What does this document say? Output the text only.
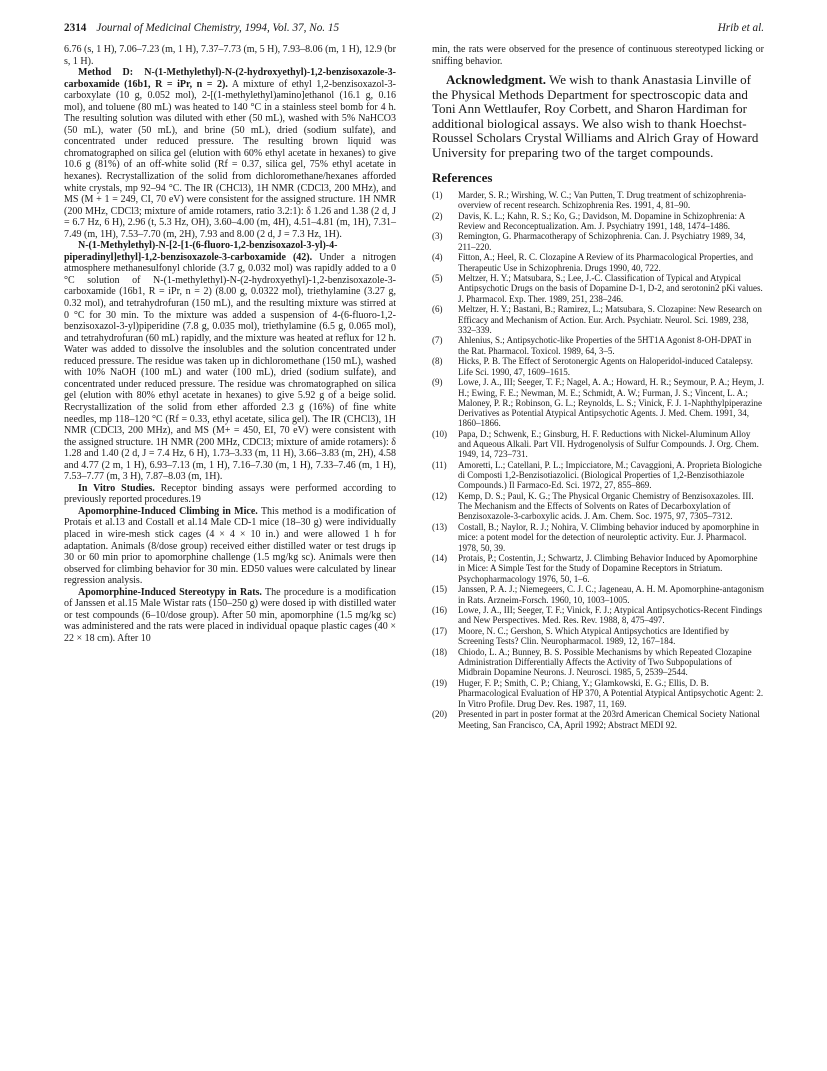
2314 Journal of Medicinal Chemistry, 1994, Vol. 37, No. 15	Hrib et al.

6.76 (s, 1 H), 7.06–7.23 (m, 1 H), 7.37–7.73 (m, 5 H), 7.93–8.06 (m, 1 H), 12.9 (br s, 1 H).

Method D: N-(1-Methylethyl)-N-(2-hydroxyethyl)-1,2-benzisoxazole-3-carboxamide (16b1, R = iPr, n = 2). A mixture of ethyl 1,2-benzisoxazol-3-carboxylate (10 g, 0.052 mol), 2-[(1-methylethyl)amino]ethanol (16.1 g, 0.16 mol), and toluene (80 mL) was heated to 140 °C in a stainless steel bomb for 4 h. The resulting solution was diluted with ether (50 mL), washed with 5% NaHCO3 (50 mL), water (50 mL), and brine (50 mL), dried (sodium sulfate), and concentrated under reduced pressure. The resulting brown liquid was chromatographed on silica gel (elution with 60% ethyl acetate in hexanes) to give 10.6 g (81%) of an off-white solid (Rf = 0.37, silica gel, 75% ethyl acetate in hexanes). Recrystallization of the solid from dichloromethane/hexanes afforded white crystals, mp 92–94 °C. The IR (CHCl3), 1H NMR (CDCl3, 200 MHz), and MS (M + 1 = 249, CI, 70 eV) were consistent for the assigned structure. 1H NMR (200 MHz, CDCl3; mixture of amide rotamers, ratio 3.2:1): δ 1.26 and 1.38 (2 d, J = 6.7 Hz, 6 H), 2.96 (t, 5.3 Hz, OH), 3.60–4.00 (m, 4H), 4.51–4.81 (m, 1H), 7.31–7.49 (m, 1H), 7.53–7.70 (m, 2H), 7.93 and 8.00 (2 d, J = 7.3 Hz, 1H).

N-(1-Methylethyl)-N-[2-[1-(6-fluoro-1,2-benzisoxazol-3-yl)-4-piperadinyl]ethyl]-1,2-benzisoxazole-3-carboxamide (42). Under a nitrogen atmosphere methanesulfonyl chloride (3.7 g, 0.032 mol) was rapidly added to a 0 °C solution of N-(1-methylethyl)-N-(2-hydroxyethyl)-1,2-benzisoxazole-3-carboxamide (16b1, R = iPr, n = 2) (8.00 g, 0.0322 mol), triethylamine (3.27 g, 0.32 mol), and tetrahydrofuran (150 mL), and the resulting mixture was stirred at 0 °C for 30 min. To the mixture was added a suspension of 4-(6-fluoro-1,2-benzisoxazol-3-yl)piperidine (7.8 g, 0.035 mol), triethylamine (6.5 g, 0.065 mol), and tetrahydrofuran (60 mL) rapidly, and the mixture was heated at reflux for 12 h. Water was added to dissolve the insolubles and the solution concentrated under reduced pressure. The residue was taken up in dichloromethane (150 mL), washed with 10% NaOH (100 mL) and water (100 mL), dried (sodium sulfate), and concentrated under reduced pressure. The residue was chromatographed on silica gel (elution with 80% ethyl acetate in hexanes) to give 5.92 g of a beige solid. Recrystallization of the solid from ether afforded 2.3 g (16%) of fine white needles, mp 118–120 °C (Rf = 0.33, ethyl acetate, silica gel). The IR (CHCl3), 1H NMR (CDCl3, 200 MHz), and MS (M+ = 450, EI, 70 eV) were consistent with the assigned structure. 1H NMR (200 MHz, CDCl3; mixture of amide rotamers): δ 1.28 and 1.40 (2 d, J = 7.4 Hz, 6 H), 1.73–3.33 (m, 11 H), 3.66–3.83 (m, 2H), 4.58 and 4.77 (2 m, 1 H), 6.93–7.13 (m, 1 H), 7.16–7.30 (m, 1 H), 7.33–7.46 (m, 1 H), 7.53–7.77 (m, 3 H), 7.87–8.03 (m, 1H).

In Vitro Studies. Receptor binding assays were performed according to previously reported procedures.19

Apomorphine-Induced Climbing in Mice. This method is a modification of Protais et al.13 and Costall et al.14 Male CD-1 mice (18–30 g) were individually placed in wire-mesh stick cages (4 × 4 × 10 in.) and were allowed 1 h for adaptation. Animals (8/dose group) received either distilled water or test drugs ip 30 or 60 min prior to apomorphine challenge (1.5 mg/kg sc). Animals were then observed for climbing behavior for 30 min. ED50 values were calculated by linear regression analysis.

Apomorphine-Induced Stereotypy in Rats. The procedure is a modification of Janssen et al.15 Male Wistar rats (150–250 g) were dosed ip with distilled water or test compounds (6–10/dose group). After 50 min, apomorphine (1.5 mg/kg sc) was administered and the rats were placed in individual opaque plastic cages (40 × 22 × 18 cm). After 10

min, the rats were observed for the presence of continuous stereotyped licking or sniffing behavior.

Acknowledgment. We wish to thank Anastasia Linville of the Physical Methods Department for spectroscopic data and Toni Ann Wettlaufer, Roy Corbett, and Sharon Hardiman for additional biological assays. We also wish to thank Hoechst-Roussel Scholars Crystal Williams and Alrich Gray of Howard University for preparing two of the target compounds.

References
(1) Marder, S. R.; Wirshing, W. C.; Van Putten, T. Drug treatment of schizophrenia-overview of recent research. Schizophrenia Res. 1991, 4, 81–90.
(2) Davis, K. L.; Kahn, R. S.; Ko, G.; Davidson, M. Dopamine in Schizophrenia: A Review and Reconceptualization. Am. J. Psychiatry 1991, 148, 1474–1486.
(3) Remington, G. Pharmacotherapy of Schizophrenia. Can. J. Psychiatry 1989, 34, 211–220.
(4) Fitton, A.; Heel, R. C. Clozapine A Review of its Pharmacological Properties, and Therapeutic Use in Schizophrenia. Drugs 1990, 40, 722.
(5) Meltzer, H. Y.; Matsubara, S.; Lee, J.-C. Classification of Typical and Atypical Antipsychotic Drugs on the basis of Dopamine D-1, D-2, and serotonin2 pKi values. J. Pharmacol. Exp. Ther. 1989, 251, 238–246.
(6) Meltzer, H. Y.; Bastani, B.; Ramirez, L.; Matsubara, S. Clozapine: New Research on Efficacy and Mechanism of Action. Eur. Arch. Psychiatr. Neurol. Sci. 1989, 238, 332–339.
(7) Ahlenius, S.; Antipsychotic-like Properties of the 5HT1A Agonist 8-OH-DPAT in the Rat. Pharmacol. Toxicol. 1989, 64, 3–5.
(8) Hicks, P. B. The Effect of Serotonergic Agents on Haloperidol-induced Catalepsy. Life Sci. 1990, 47, 1609–1615.
(9) Lowe, J. A., III; Seeger, T. F.; Nagel, A. A.; Howard, H. R.; Seymour, P. A.; Heym, J. H.; Ewing, F. E.; Newman, M. E.; Schmidt, A. W.; Furman, J. S.; Vincent, L. A.; Maloney, P. R.; Robinson, G. L.; Reynolds, L. S.; Vinick, F. J. 1-Naphthylpiperazine Derivatives as Potential Atypical Antipsychotic Agents. J. Med. Chem. 1991, 34, 1860–1866.
(10) Papa, D.; Schwenk, E.; Ginsburg, H. F. Reductions with Nickel-Aluminum Alloy and Aqueous Alkali. Part VII. Hydrogenolysis of Sulfur Compounds. J. Org. Chem. 1949, 14, 723–731.
(11) Amoretti, L.; Catellani, P. L.; Impicciatore, M.; Cavaggioni, A. Proprieta Biologiche di Composti 1,2-Benzisotiazolici. (Biological Properties of 1,2-Benzisothiazole Compounds.) Il Farmaco-Ed. Sci. 1972, 27, 855–869.
(12) Kemp, D. S.; Paul, K. G.; The Physical Organic Chemistry of Benzisoxazoles. III. The Mechanism and the Effects of Solvents on Rates of Decarboxylation of Benzisoxazole-3-carboxylic acids. J. Am. Chem. Soc. 1975, 97, 7305–7312.
(13) Costall, B.; Naylor, R. J.; Nohira, V. Climbing behavior induced by apomorphine in mice: a potent model for the detection of neuroleptic activity. Eur. J. Pharmacol. 1978, 50, 39.
(14) Protais, P.; Costentin, J.; Schwartz, J. Climbing Behavior Induced by Apomorphine in Mice: A Simple Test for the Study of Dopamine Receptors in Striatum. Psychopharmacology 1976, 50, 1–6.
(15) Janssen, P. A. J.; Niemegeers, C. J. C.; Jageneau, A. H. M. Apomorphine-antagonism in Rats. Arzneim-Forsch. 1960, 10, 1003–1005.
(16) Lowe, J. A., III; Seeger, T. F.; Vinick, F. J.; Atypical Antipsychotics-Recent Findings and New Perspectives. Med. Res. Rev. 1988, 8, 475–497.
(17) Moore, N. C.; Gershon, S. Which Atypical Antipsychotics are Identified by Screening Tests? Clin. Neuropharmacol. 1989, 12, 167–184.
(18) Chiodo, L. A.; Bunney, B. S. Possible Mechanisms by which Repeated Clozapine Administration Differentially Affects the Activity of Two Subpopulations of Midbrain Dopamine Neurons. J. Neurosci. 1985, 5, 2539–2544.
(19) Huger, F. P.; Smith, C. P.; Chiang, Y.; Glamkowski, E. G.; Ellis, D. B. Pharmacological Evaluation of HP 370, A Potential Atypical Antipsychotic Agent: 2. In Vitro Profile. Drug Dev. Res. 1987, 11, 169.
(20) Presented in part in poster format at the 203rd American Chemical Society National Meeting, San Francisco, CA, April 1992; Abstract MEDI 92.
